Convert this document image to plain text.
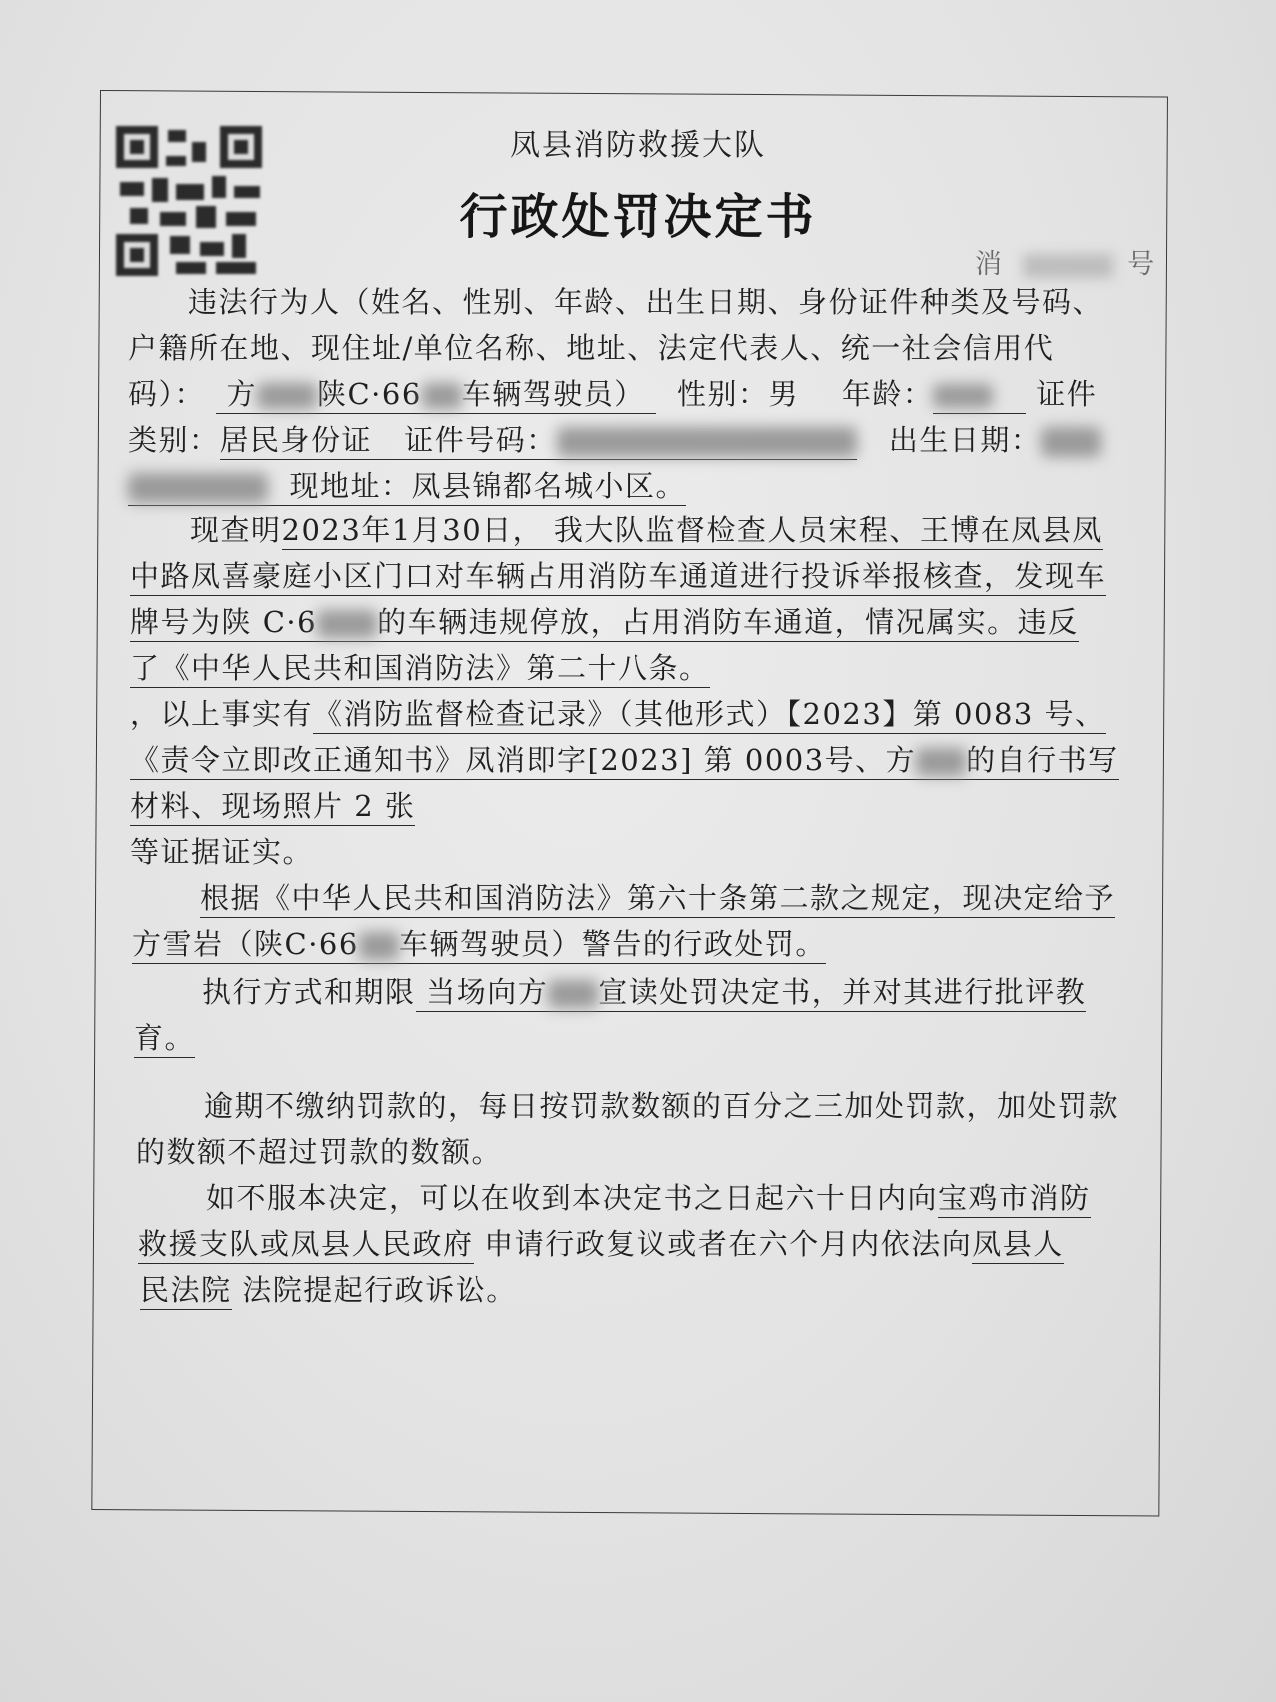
凤县消防救援大队
行政处罚决定书
消	号
违法行为人（姓名、性别、年龄、出生日期、身份证件种类及号码、
户籍所在地、现住址/单位名称、地址、法定代表人、统一社会信用代
码）： 方 陕C·66 车辆驾驶员） 性别：男 年龄：	证件
类别：居民身份证 证件号码：	出生日期：
现地址：凤县锦都名城小区。
现查明2023年1月30日， 我大队监督检查人员宋程、王博在凤县凤
中路凤喜豪庭小区门口对车辆占用消防车通道进行投诉举报核查，发现车
牌号为陕 C·6 的车辆违规停放，占用消防车通道，情况属实。违反
了《中华人民共和国消防法》第二十八条。
，以上事实有《消防监督检查记录》（其他形式）【2023】第 0083 号、
《责令立即改正通知书》凤消即字[2023] 第 0003号、方 的自行书写
材料、现场照片 2 张
等证据证实。
根据《中华人民共和国消防法》第六十条第二款之规定，现决定给予
方雪岩（陕C·66 车辆驾驶员）警告的行政处罚。
执行方式和期限 当场向方 宣读处罚决定书，并对其进行批评教
育。
逾期不缴纳罚款的，每日按罚款数额的百分之三加处罚款，加处罚款
的数额不超过罚款的数额。
如不服本决定，可以在收到本决定书之日起六十日内向宝鸡市消防
救援支队或凤县人民政府 申请行政复议或者在六个月内依法向凤县人
民法院 法院提起行政诉讼。
